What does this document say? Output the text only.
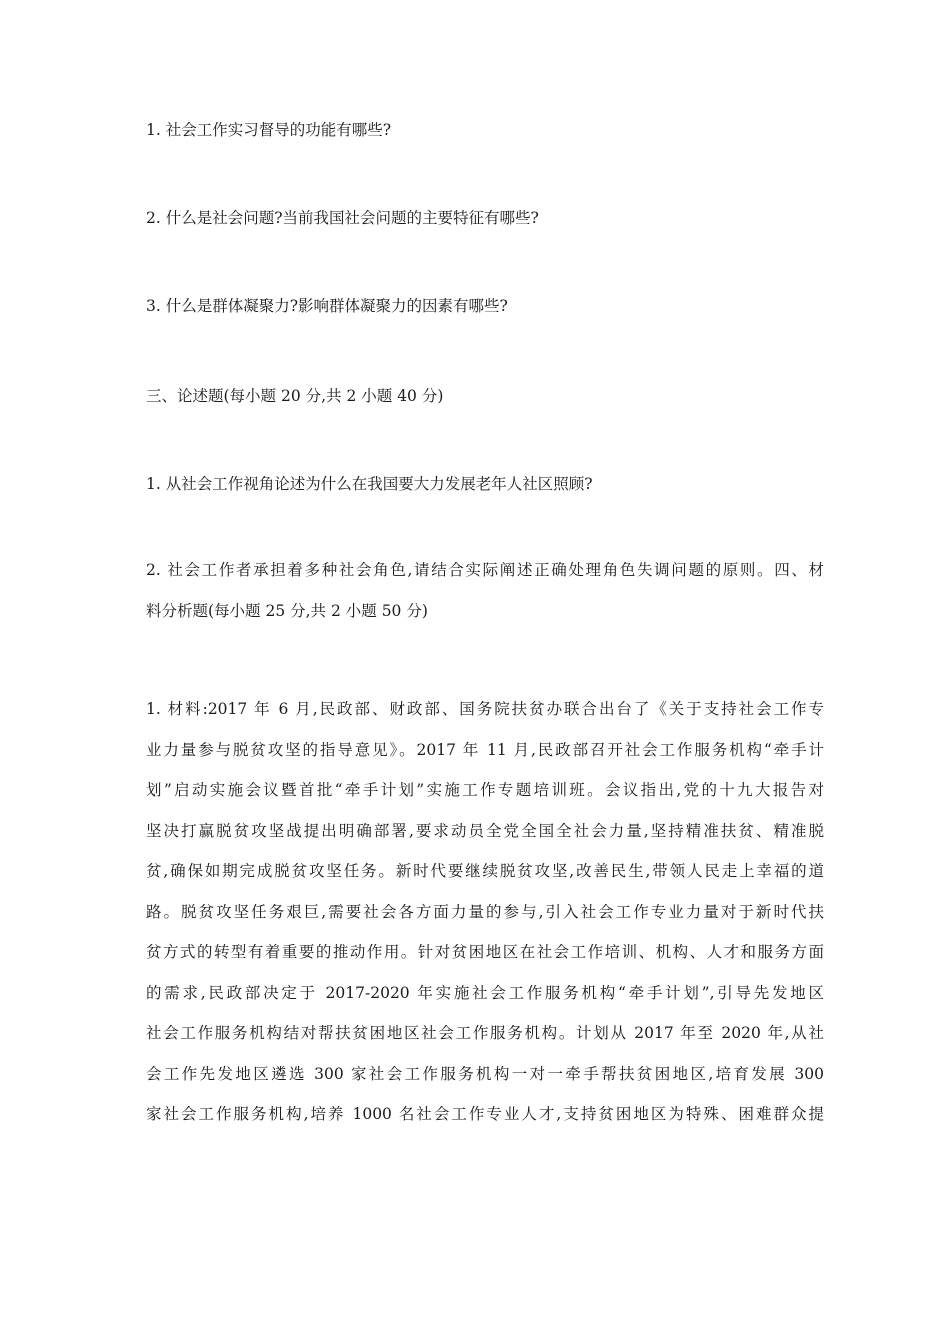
1. 社会工作实习督导的功能有哪些?
2. 什么是社会问题?当前我国社会问题的主要特征有哪些?
3. 什么是群体凝聚力?影响群体凝聚力的因素有哪些?
三、论述题(每小题 20 分,共 2 小题 40 分)
1. 从社会工作视角论述为什么在我国要大力发展老年人社区照顾?
2. 社会工作者承担着多种社会角色,请结合实际阐述正确处理角色失调问题的原则。四、材
料分析题(每小题 25 分,共 2 小题 50 分)
1. 材料:2017 年 6 月,民政部、财政部、国务院扶贫办联合出台了《关于支持社会工作专
业力量参与脱贫攻坚的指导意见》。2017 年 11 月,民政部召开社会工作服务机构“牵手计
划”启动实施会议暨首批“牵手计划”实施工作专题培训班。会议指出,党的十九大报告对
坚决打赢脱贫攻坚战提出明确部署,要求动员全党全国全社会力量,坚持精准扶贫、精准脱
贫,确保如期完成脱贫攻坚任务。新时代要继续脱贫攻坚,改善民生,带领人民走上幸福的道
路。脱贫攻坚任务艰巨,需要社会各方面力量的参与,引入社会工作专业力量对于新时代扶
贫方式的转型有着重要的推动作用。针对贫困地区在社会工作培训、机构、人才和服务方面
的需求,民政部决定于 2017-2020 年实施社会工作服务机构“牵手计划”,引导先发地区
社会工作服务机构结对帮扶贫困地区社会工作服务机构。计划从 2017 年至 2020 年,从社
会工作先发地区遴选 300 家社会工作服务机构一对一牵手帮扶贫困地区,培育发展 300
家社会工作服务机构,培养 1000 名社会工作专业人才,支持贫困地区为特殊、困难群众提
